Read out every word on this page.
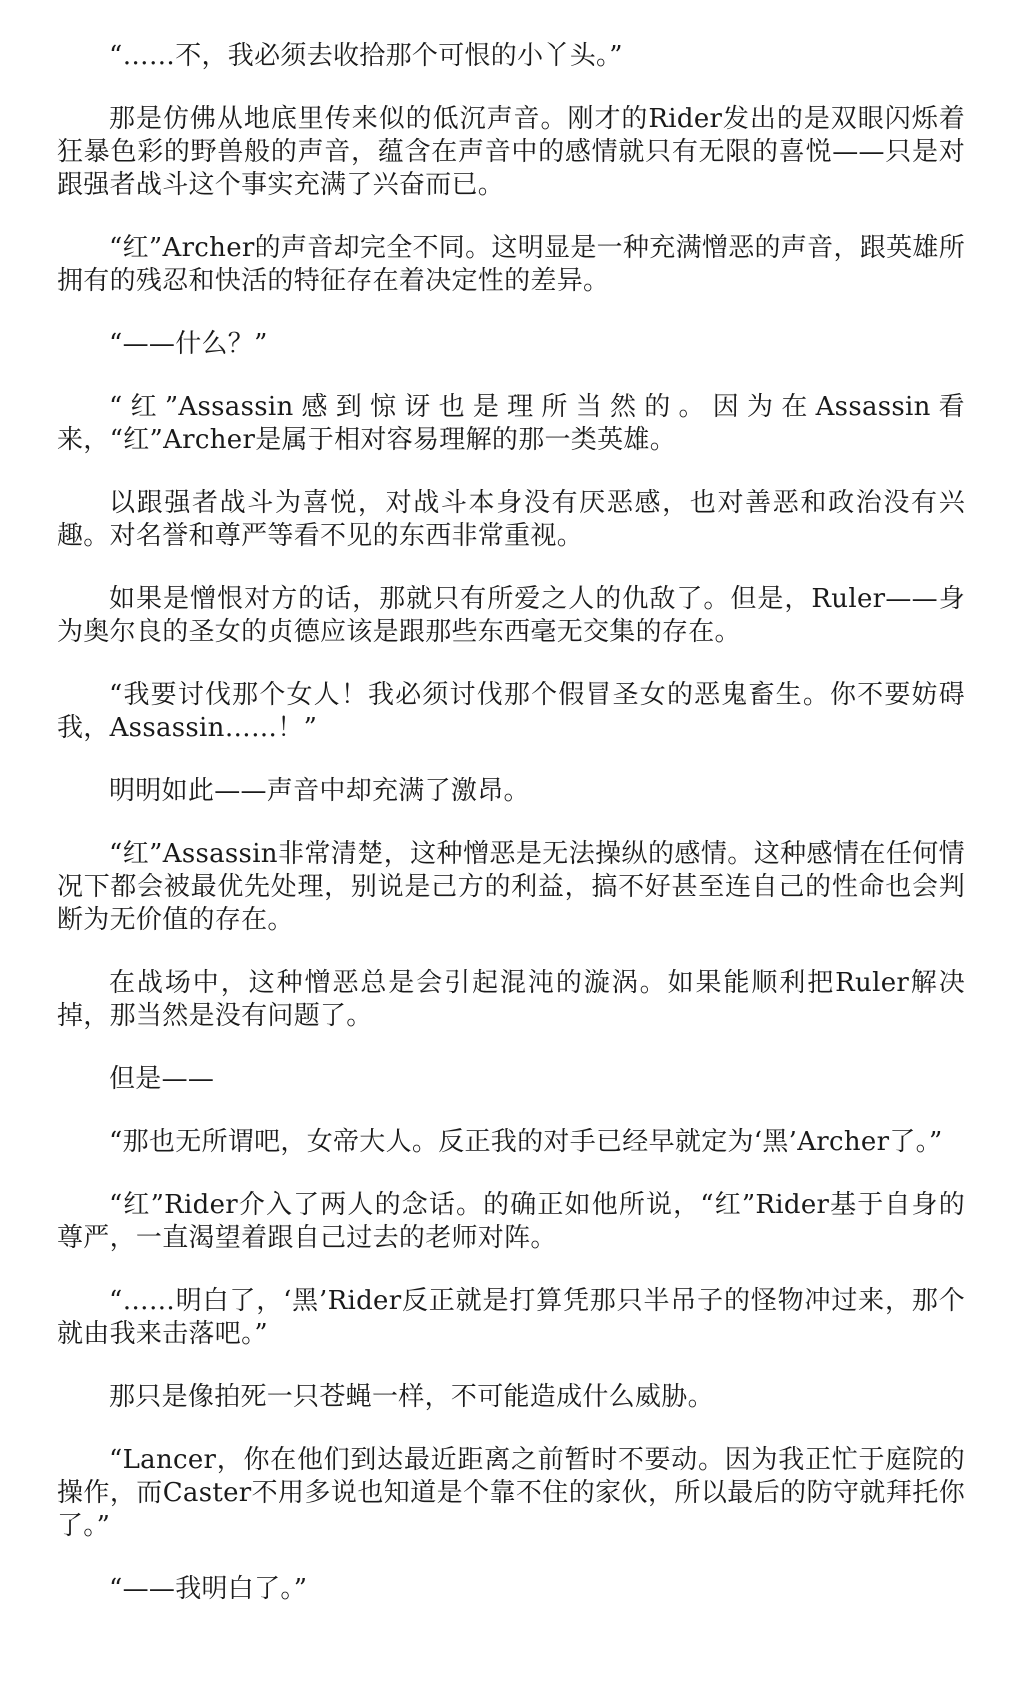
“……不，我必须去收拾那个可恨的小丫头。”

那是仿佛从地底里传来似的低沉声音。刚才的Rider发出的是双眼闪烁着狂暴色彩的野兽般的声音，蕴含在声音中的感情就只有无限的喜悦——只是对跟强者战斗这个事实充满了兴奋而已。

“红”Archer的声音却完全不同。这明显是一种充满憎恶的声音，跟英雄所拥有的残忍和快活的特征存在着决定性的差异。

“——什么？”

“红”Assassin感到惊讶也是理所当然的。因为在Assassin看来，“红”Archer是属于相对容易理解的那一类英雄。

以跟强者战斗为喜悦，对战斗本身没有厌恶感，也对善恶和政治没有兴趣。对名誉和尊严等看不见的东西非常重视。

如果是憎恨对方的话，那就只有所爱之人的仇敌了。但是，Ruler——身为奥尔良的圣女的贞德应该是跟那些东西毫无交集的存在。

“我要讨伐那个女人！我必须讨伐那个假冒圣女的恶鬼畜生。你不要妨碍我，Assassin……！”

明明如此——声音中却充满了激昂。

“红”Assassin非常清楚，这种憎恶是无法操纵的感情。这种感情在任何情况下都会被最优先处理，别说是己方的利益，搞不好甚至连自己的性命也会判断为无价值的存在。

在战场中，这种憎恶总是会引起混沌的漩涡。如果能顺利把Ruler解决掉，那当然是没有问题了。

但是——

“那也无所谓吧，女帝大人。反正我的对手已经早就定为‘黑’Archer了。”

“红”Rider介入了两人的念话。的确正如他所说，“红”Rider基于自身的尊严，一直渴望着跟自己过去的老师对阵。

“……明白了，‘黑’Rider反正就是打算凭那只半吊子的怪物冲过来，那个就由我来击落吧。”

那只是像拍死一只苍蝇一样，不可能造成什么威胁。

“Lancer，你在他们到达最近距离之前暂时不要动。因为我正忙于庭院的操作，而Caster不用多说也知道是个靠不住的家伙，所以最后的防守就拜托你了。”

“——我明白了。”
